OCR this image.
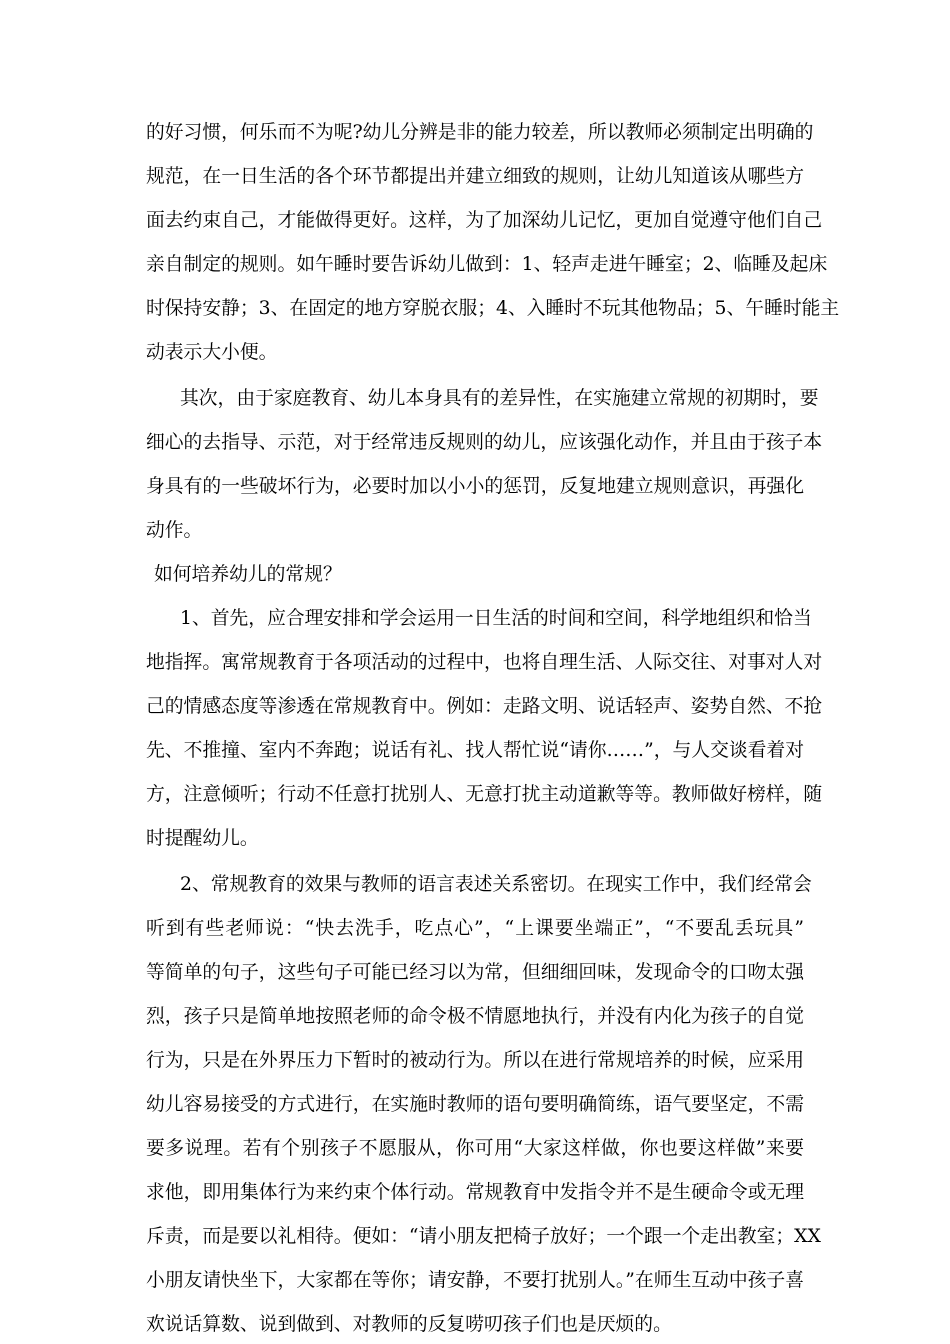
的好习惯，何乐而不为呢?幼儿分辨是非的能力较差，所以教师必须制定出明确的
规范，在一日生活的各个环节都提出并建立细致的规则，让幼儿知道该从哪些方
面去约束自己，才能做得更好。这样，为了加深幼儿记忆，更加自觉遵守他们自己
亲自制定的规则。如午睡时要告诉幼儿做到：1、轻声走进午睡室；2、临睡及起床
时保持安静；3、在固定的地方穿脱衣服；4、入睡时不玩其他物品；5、午睡时能主
动表示大小便。
其次，由于家庭教育、幼儿本身具有的差异性，在实施建立常规的初期时，要
细心的去指导、示范，对于经常违反规则的幼儿，应该强化动作，并且由于孩子本
身具有的一些破坏行为，必要时加以小小的惩罚，反复地建立规则意识，再强化
动作。
如何培养幼儿的常规？
1、首先，应合理安排和学会运用一日生活的时间和空间，科学地组织和恰当
地指挥。寓常规教育于各项活动的过程中，也将自理生活、人际交往、对事对人对
己的情感态度等渗透在常规教育中。例如：走路文明、说话轻声、姿势自然、不抢
先、不推撞、室内不奔跑；说话有礼、找人帮忙说“请你……”，与人交谈看着对
方，注意倾听；行动不任意打扰别人、无意打扰主动道歉等等。教师做好榜样，随
时提醒幼儿。
2、常规教育的效果与教师的语言表述关系密切。在现实工作中，我们经常会
听到有些老师说：“快去洗手，吃点心”，“上课要坐端正”，“不要乱丢玩具”
等简单的句子，这些句子可能已经习以为常，但细细回味，发现命令的口吻太强
烈，孩子只是简单地按照老师的命令极不情愿地执行，并没有内化为孩子的自觉
行为，只是在外界压力下暂时的被动行为。所以在进行常规培养的时候，应采用
幼儿容易接受的方式进行，在实施时教师的语句要明确简练，语气要坚定，不需
要多说理。若有个别孩子不愿服从，你可用“大家这样做，你也要这样做”来要
求他，即用集体行为来约束个体行动。常规教育中发指令并不是生硬命令或无理
斥责，而是要以礼相待。便如：“请小朋友把椅子放好；一个跟一个走出教室；XX
小朋友请快坐下，大家都在等你；请安静，不要打扰别人。”在师生互动中孩子喜
欢说话算数、说到做到、对教师的反复唠叨孩子们也是厌烦的。
